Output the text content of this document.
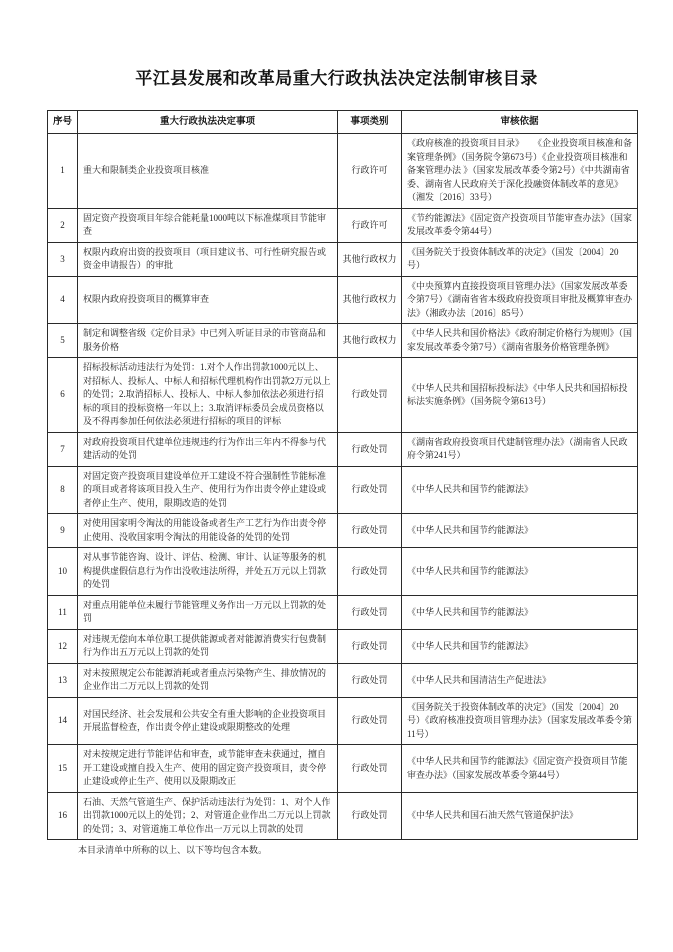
平江县发展和改革局重大行政执法决定法制审核目录
序号	重大行政执法决定事项	事项类别	审核依据
1	重大和限制类企业投资项目核准	行政许可	《政府核准的投资项目目录》　　《企业投资项目核准和备案管理条例》（国务院令第673号）《企业投资项目核准和备案管理办法 》（国家发展改革委令第2号）《中共湖南省委、湖南省人民政府关于深化投融资体制改革的意见》（湘发〔2016〕33号）
2	固定资产投资项目年综合能耗量1000吨以下标准煤项目节能审查	行政许可	《节约能源法》《固定资产投资项目节能审查办法》（国家发展改革委令第44号）
3	权限内政府出资的投资项目（项目建议书、可行性研究报告或资金申请报告）的审批	其他行政权力	《国务院关于投资体制改革的决定》（国发〔2004〕20号）
4	权限内政府投资项目的概算审查	其他行政权力	《中央预算内直接投资项目管理办法》（国家发展改革委令第7号）《湖南省省本级政府投资项目审批及概算审查办法》（湘政办法〔2016〕85号）
5	制定和调整省级《定价目录》中已列入听证目录的市管商品和服务价格	其他行政权力	《中华人民共和国价格法》《政府制定价格行为规则》（国家发展改革委令第7号）《湖南省服务价格管理条例》
6	招标投标活动违法行为处罚：1.对个人作出罚款1000元以上、对招标人、投标人、中标人和招标代理机构作出罚款2万元以上的处罚；2.取消招标人、投标人、中标人参加依法必须进行招标的项目的投标资格一年以上；3.取消评标委员会成员资格以及不得再参加任何依法必须进行招标的项目的评标	行政处罚	《中华人民共和国招标投标法》《中华人民共和国招标投标法实施条例》（国务院令第613号）
7	对政府投资项目代建单位违规违约行为作出三年内不得参与代建活动的处罚	行政处罚	《湖南省政府投资项目代建制管理办法》（湖南省人民政府令第241号）
8	对固定资产投资项目建设单位开工建设不符合强制性节能标准的项目或者将该项目投入生产、使用行为作出责令停止建设或者停止生产、使用，限期改造的处罚	行政处罚	《中华人民共和国节约能源法》
9	对使用国家明令淘汰的用能设备或者生产工艺行为作出责令停止使用、没收国家明令淘汰的用能设备的处罚的处罚	行政处罚	《中华人民共和国节约能源法》
10	对从事节能咨询、设计、评估、检测、审计、认证等服务的机构提供虚假信息行为作出没收违法所得，并处五万元以上罚款的处罚	行政处罚	《中华人民共和国节约能源法》
11	对重点用能单位未履行节能管理义务作出一万元以上罚款的处罚	行政处罚	《中华人民共和国节约能源法》
12	对违规无偿向本单位职工提供能源或者对能源消费实行包费制行为作出五万元以上罚款的处罚	行政处罚	《中华人民共和国节约能源法》
13	对未按照规定公布能源消耗或者重点污染物产生、排放情况的企业作出二万元以上罚款的处罚	行政处罚	《中华人民共和国清洁生产促进法》
14	对国民经济、社会发展和公共安全有重大影响的企业投资项目开展监督检查，作出责令停止建设或限期整改的处理	行政处罚	《国务院关于投资体制改革的决定》（国发〔2004〕20号）《政府核准投资项目管理办法》（国家发展改革委令第11号）
15	对未按规定进行节能评估和审查，或节能审查未获通过，擅自开工建设或擅自投入生产、使用的固定资产投资项目，责令停止建设或停止生产、使用以及限期改正	行政处罚	《中华人民共和国节约能源法》《固定资产投资项目节能审查办法》（国家发展改革委令第44号）
16	石油、天然气管道生产、保护活动违法行为处罚：1、对个人作出罚款1000元以上的处罚；2、对管道企业作出二万元以上罚款的处罚；3、对管道施工单位作出一万元以上罚款的处罚	行政处罚	《中华人民共和国石油天然气管道保护法》
本目录清单中所称的以上、以下等均包含本数。
